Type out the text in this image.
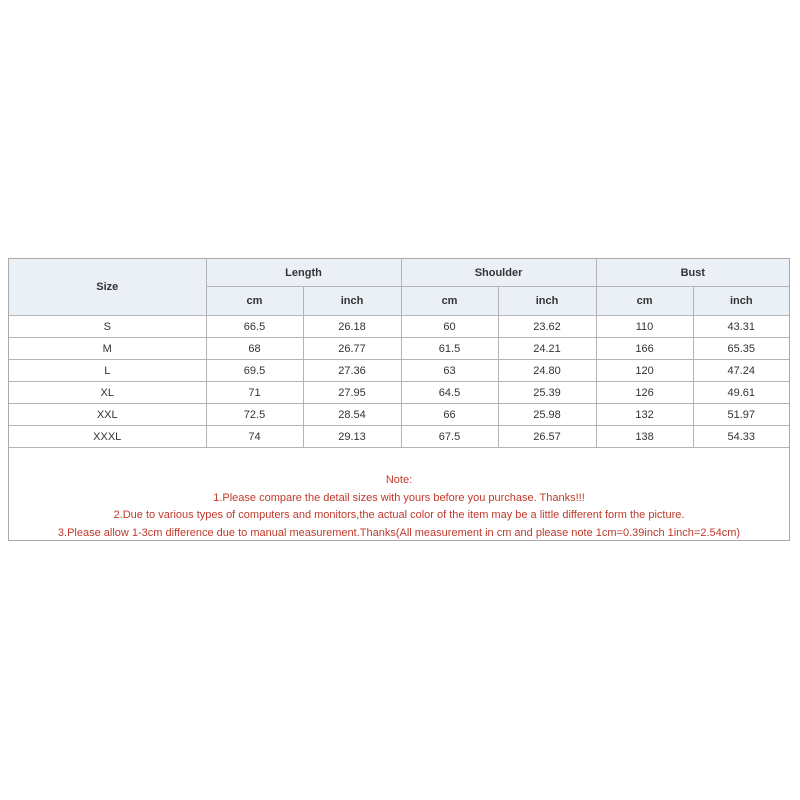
Size	Length		Shoulder		Bust	
	cm	inch	cm	inch	cm	inch
S	66.5	26.18	60	23.62	110	43.31
M	68	26.77	61.5	24.21	166	65.35
L	69.5	27.36	63	24.80	120	47.24
XL	71	27.95	64.5	25.39	126	49.61
XXL	72.5	28.54	66	25.98	132	51.97
XXXL	74	29.13	67.5	26.57	138	54.33
Note:
1.Please compare the detail sizes with yours before you purchase. Thanks!!!
2.Due to various types of computers and monitors,the actual color of the item may be a little different form the picture.
3.Please allow 1-3cm difference due to manual measurement.Thanks(All measurement in cm and please note 1cm=0.39inch 1inch=2.54cm)
